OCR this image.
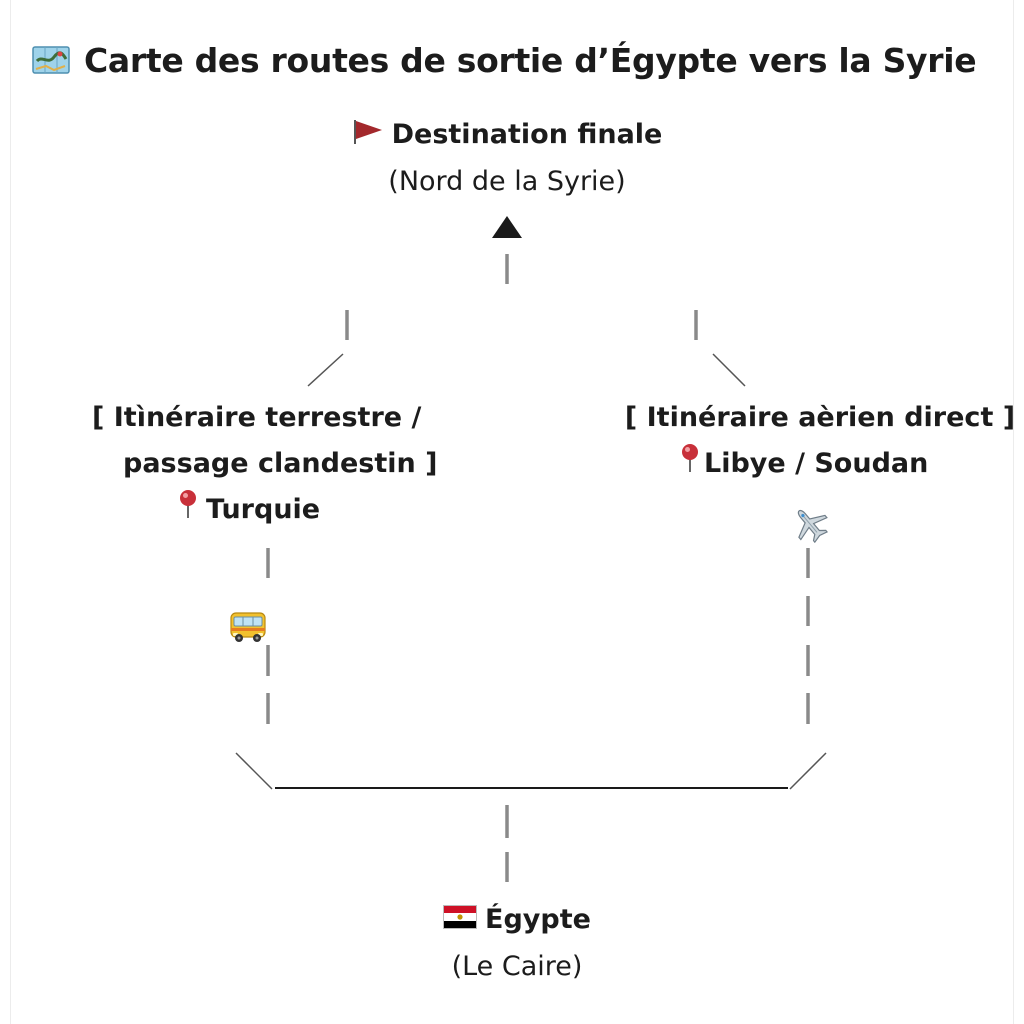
Carte des routes de sortie d’Égypte vers la Syrie
Destination finale
(Nord de la Syrie)
[ Itìnéraire terrestre /
passage clandestin ]
Turquie
[ Itinéraire aèrien direct ]
Libye / Soudan
Égypte
(Le Caire)
